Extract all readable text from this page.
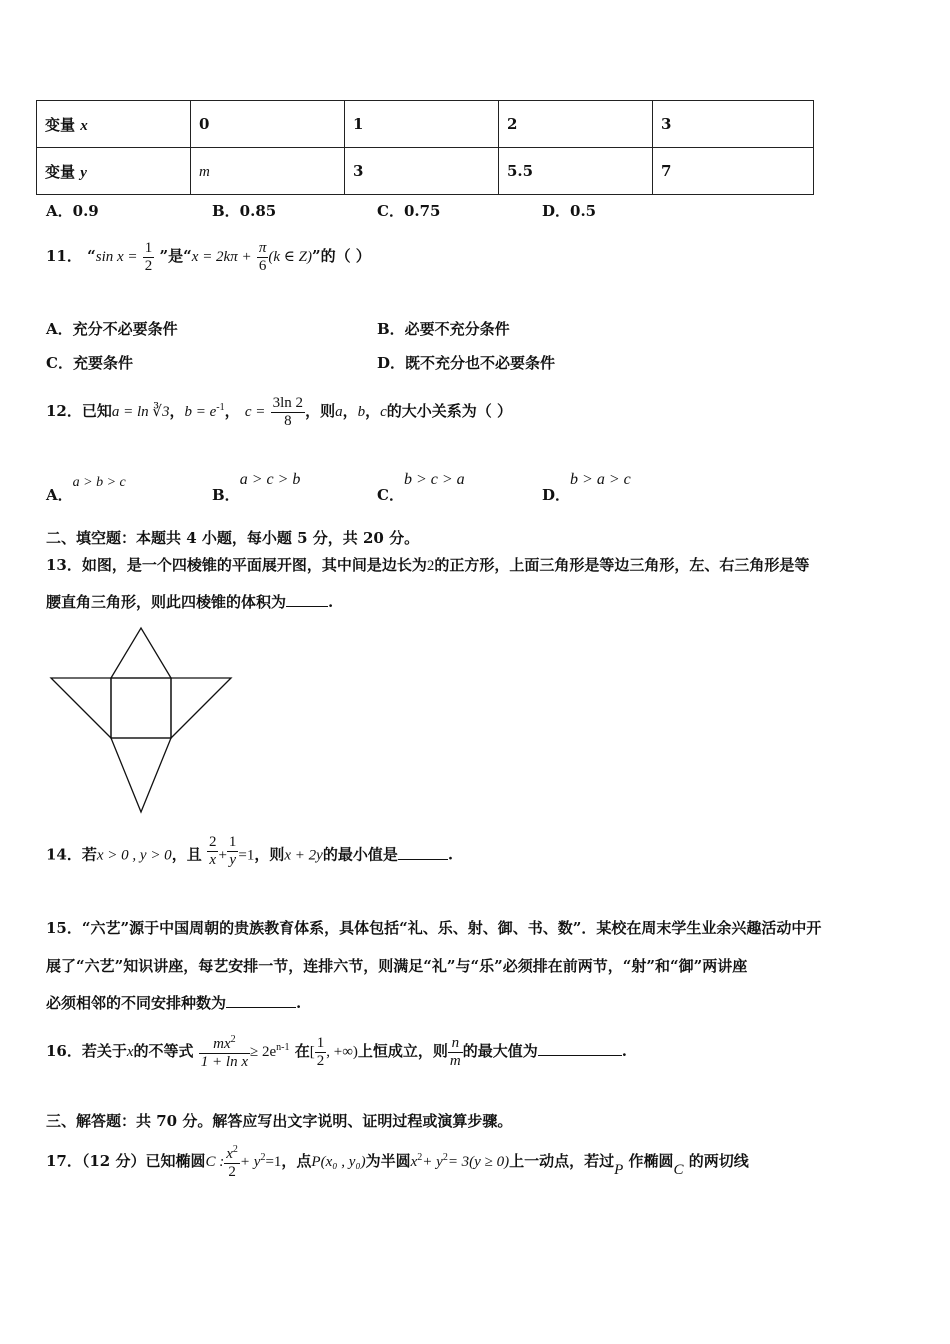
变量 x	0	1	2	3
变量 y	m	3	5.5	7
A．0.9	B．0.85	C．0.75	D．0.5
11． “sin $x = \frac{1}{2}$ ”是“$x = 2k\pi + \frac{\pi}{6} (k$ ∈ Z)”的（ ）
A．充分不必要条件	B．必要不充分条件
C．充要条件	D．既不充分也不必要条件
12．已知a = ln ∛3，$b = e^{-1}$， $c = \frac{3\ln 2}{8}$ ，则a，b，c的大小关系为（ ）
A．a > b > c
B．a > c > b
C．b > c > a
D．b > a > c
二、填空题：本题共 4 小题，每小题 5 分，共 20 分。
13．如图，是一个四棱锥的平面展开图，其中间是边长为2的正方形，上面三角形是等边三角形，左、右三角形是等
腰直角三角形，则此四棱锥的体积为	.
14．若x > 0 , y > 0，且 $\frac{2}{x} + \frac{1}{y} =1$，则x + 2y的最小值是	.
15．“六艺”源于中国周朝的贵族教育体系，具体包括“礼、乐、射、御、书、数”．某校在周末学生业余兴趣活动中开
展了“六艺”知识讲座，每艺安排一节，连排六节，则满足“礼”与“乐”必须排在前两节，“射”和“御”两讲座
必须相邻的不同安排种数为	.
16．若关于x的不等式 $\frac{mx^2}{\text{1 + ln x}} \ge 2e^{n-1}$ 在[ $\frac{1}{2}$ , +∞)上恒成立，则 $\frac{n}{m}$ 的最大值为	.
三、解答题：共 70 分。解答应写出文字说明、证明过程或演算步骤。
17．（12 分）已知椭圆C : $\frac{x^2}{2} + y^2=1$，点P(x₀ , y₀)为半圆$x^2+ y^2= 3(y \ge 0)$上一动点，若过P 作椭圆C 的两切线
